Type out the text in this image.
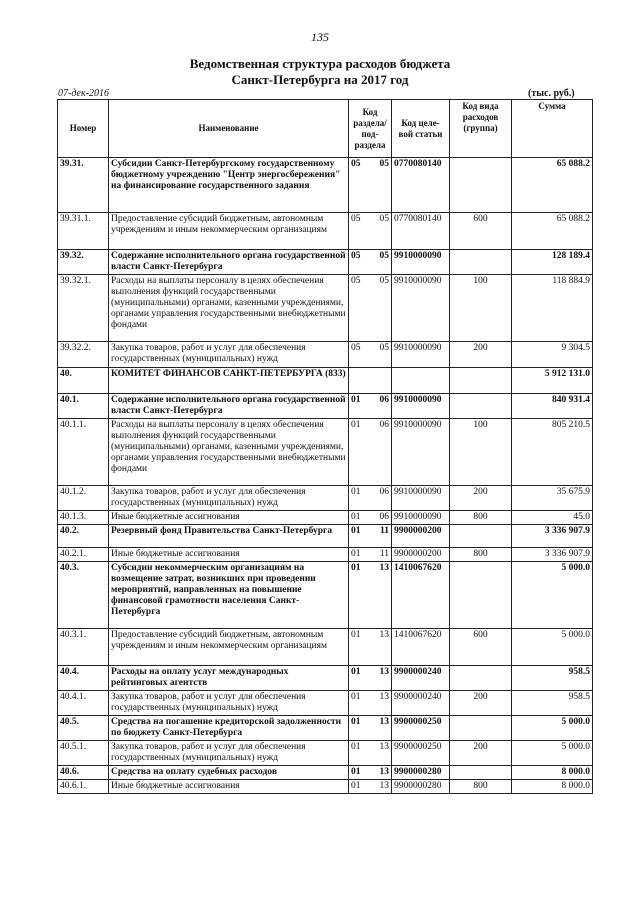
135
Ведомственная структура расходов бюджета
Санкт-Петербурга на 2017 год
07-дек-2016	(тыс. руб.)
Номер	Наименование	Код раздела/ под- раздела		Код целе- вой статьи	Код вида расходов (группа)	Сумма
39.31.	Субсидии Санкт-Петербургскому государственному бюджетному учреждению "Центр энергосбережения" на финансирование государственного задания	05	05	0770080140		65 088.2
39.31.1.	Предоставление субсидий бюджетным, автономным учреждениям и иным некоммерческим организациям	05	05	0770080140	600	65 088.2
39.32.	Содержание исполнительного органа государственной власти Санкт-Петербурга	05	05	9910000090		128 189.4
39.32.1.	Расходы на выплаты персоналу в целях обеспечения выполнения функций государственными (муниципальными) органами, казенными учреждениями, органами управления государственными внебюджетными фондами	05	05	9910000090	100	118 884.9
39.32.2.	Закупка товаров, работ и услуг для обеспечения государственных (муниципальных) нужд	05	05	9910000090	200	9 304.5
40.	КОМИТЕТ ФИНАНСОВ САНКТ-ПЕТЕРБУРГА (833)					5 912 131.0
40.1.	Содержание исполнительного органа государственной власти Санкт-Петербурга	01	06	9910000090		840 931.4
40.1.1.	Расходы на выплаты персоналу в целях обеспечения выполнения функций государственными (муниципальными) органами, казенными учреждениями, органами управления государственными внебюджетными фондами	01	06	9910000090	100	805 210.5
40.1.2.	Закупка товаров, работ и услуг для обеспечения государственных (муниципальных) нужд	01	06	9910000090	200	35 675.9
40.1.3.	Иные бюджетные ассигнования	01	06	9910000090	800	45.0
40.2.	Резервный фонд Правительства Санкт-Петербурга	01	11	9900000200		3 336 907.9
40.2.1.	Иные бюджетные ассигнования	01	11	9900000200	800	3 336 907.9
40.3.	Субсидии некоммерческим организациям на возмещение затрат, возникших при проведении мероприятий, направленных на повышение финансовой грамотности населения Санкт-Петербурга	01	13	1410067620		5 000.0
40.3.1.	Предоставление субсидий бюджетным, автономным учреждениям и иным некоммерческим организациям	01	13	1410067620	600	5 000.0
40.4.	Расходы на оплату услуг международных рейтинговых агентств	01	13	9900000240		958.5
40.4.1.	Закупка товаров, работ и услуг для обеспечения государственных (муниципальных) нужд	01	13	9900000240	200	958.5
40.5.	Средства на погашение кредиторской задолженности по бюджету Санкт-Петербурга	01	13	9900000250		5 000.0
40.5.1.	Закупка товаров, работ и услуг для обеспечения государственных (муниципальных) нужд	01	13	9900000250	200	5 000.0
40.6.	Средства на оплату судебных расходов	01	13	9900000280		8 000.0
40.6.1.	Иные бюджетные ассигнования	01	13	9900000280	800	8 000.0
